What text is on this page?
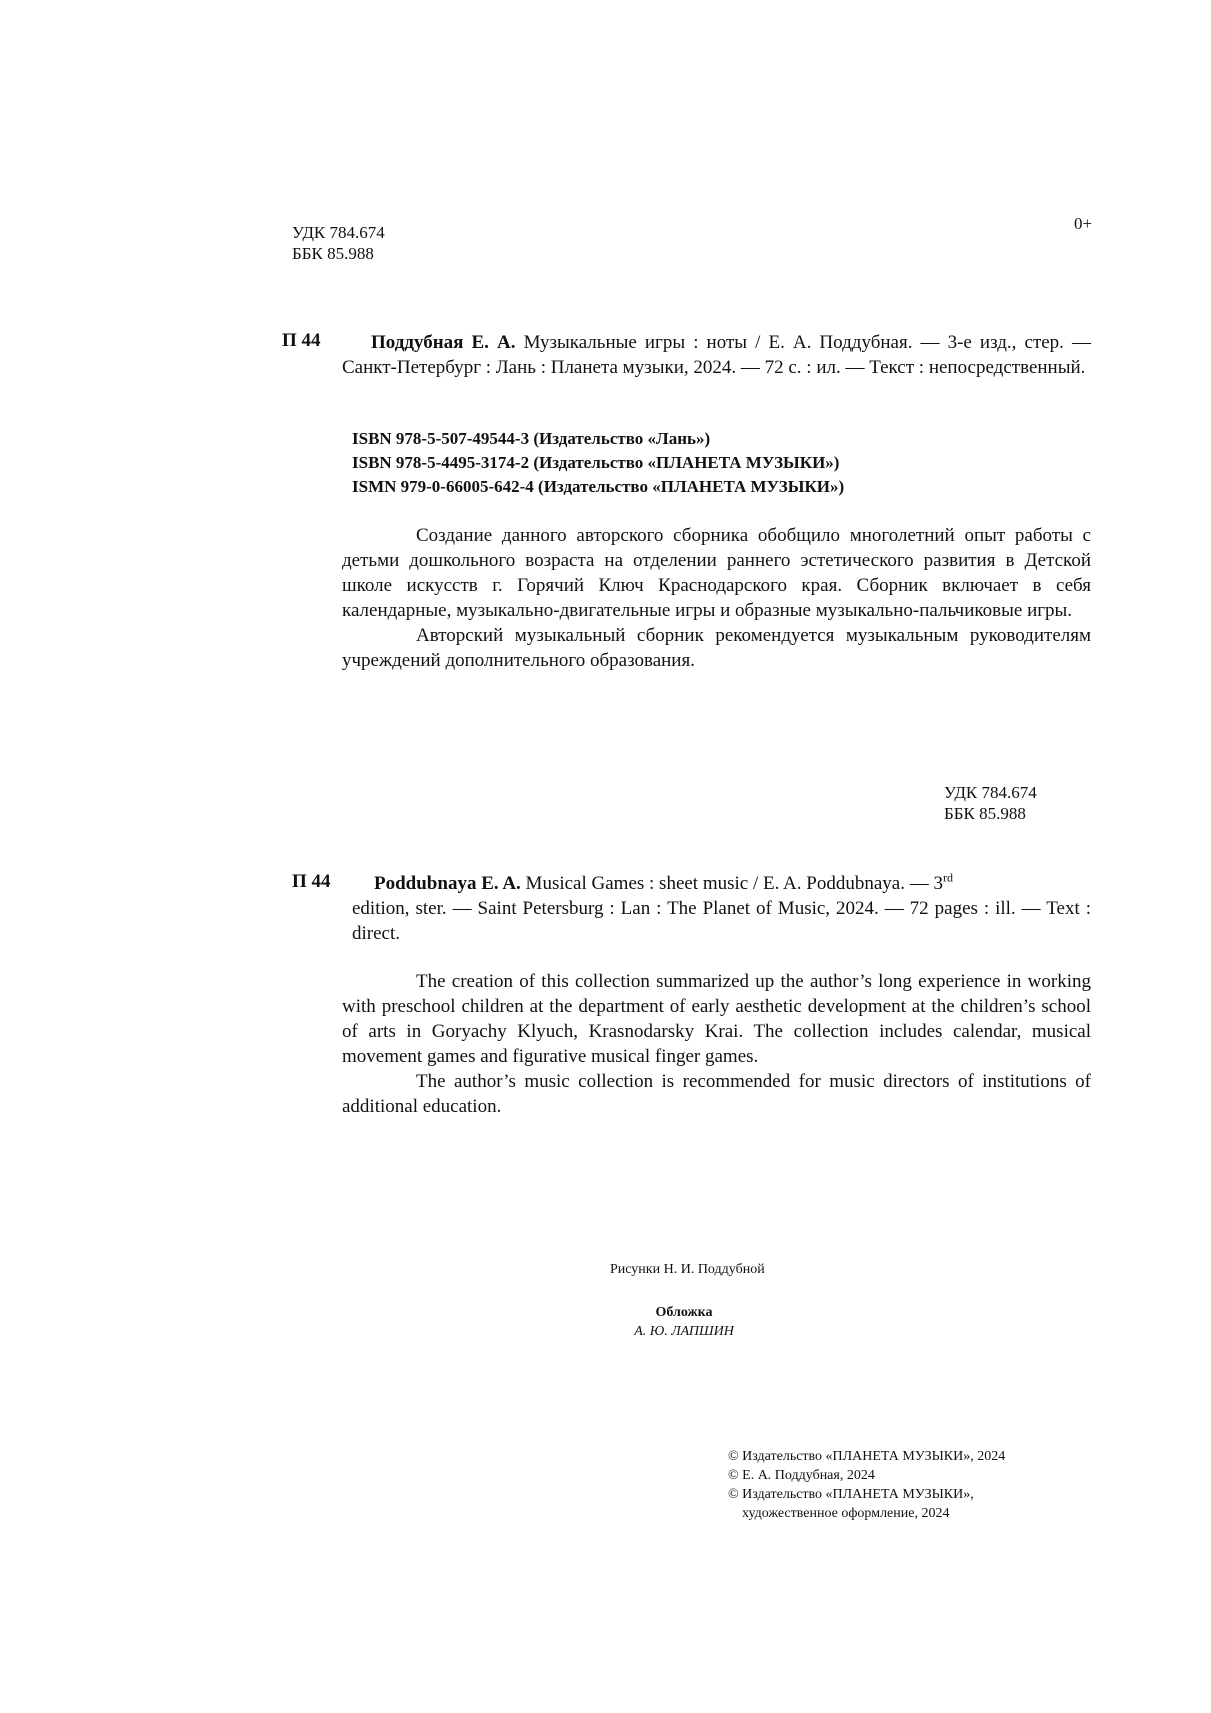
УДК 784.674
ББК 85.988
0+
П 44	Поддубная Е. А. Музыкальные игры : ноты / Е. А. Поддубная. — 3-е изд., стер. — Санкт-Петербург : Лань : Планета музыки, 2024. — 72 с. : ил. — Текст : непосредственный.
ISBN 978-5-507-49544-3 (Издательство «Лань»)
ISBN 978-5-4495-3174-2 (Издательство «ПЛАНЕТА МУЗЫКИ»)
ISMN 979-0-66005-642-4 (Издательство «ПЛАНЕТА МУЗЫКИ»)

Создание данного авторского сборника обобщило многолетний опыт работы с детьми дошкольного возраста на отделении раннего эстетического развития в Детской школе искусств г. Горячий Ключ Краснодарского края. Сборник включает в себя календарные, музыкально-двигательные игры и образные музыкально-пальчиковые игры.

Авторский музыкальный сборник рекомендуется музыкальным руководителям учреждений дополнительного образования.

УДК 784.674
ББК 85.988
П 44	Poddubnaya E. A. Musical Games : sheet music / E. A. Poddubnaya. — 3rd
edition, ster. — Saint Petersburg : Lan : The Planet of Music, 2024. — 72 pages : ill. — Text : direct.

The creation of this collection summarized up the author’s long experience in working with preschool children at the department of early aesthetic development at the children’s school of arts in Goryachy Klyuch, Krasnodarsky Krai. The collection includes calendar, musical movement games and figurative musical finger games.

The author’s music collection is recommended for music directors of institutions of additional education.

Рисунки Н. И. Поддубной
Обложка
А. Ю. ЛАПШИН
© Издательство «ПЛАНЕТА МУЗЫКИ», 2024
© Е. А. Поддубная, 2024
© Издательство «ПЛАНЕТА МУЗЫКИ»,
художественное оформление, 2024
